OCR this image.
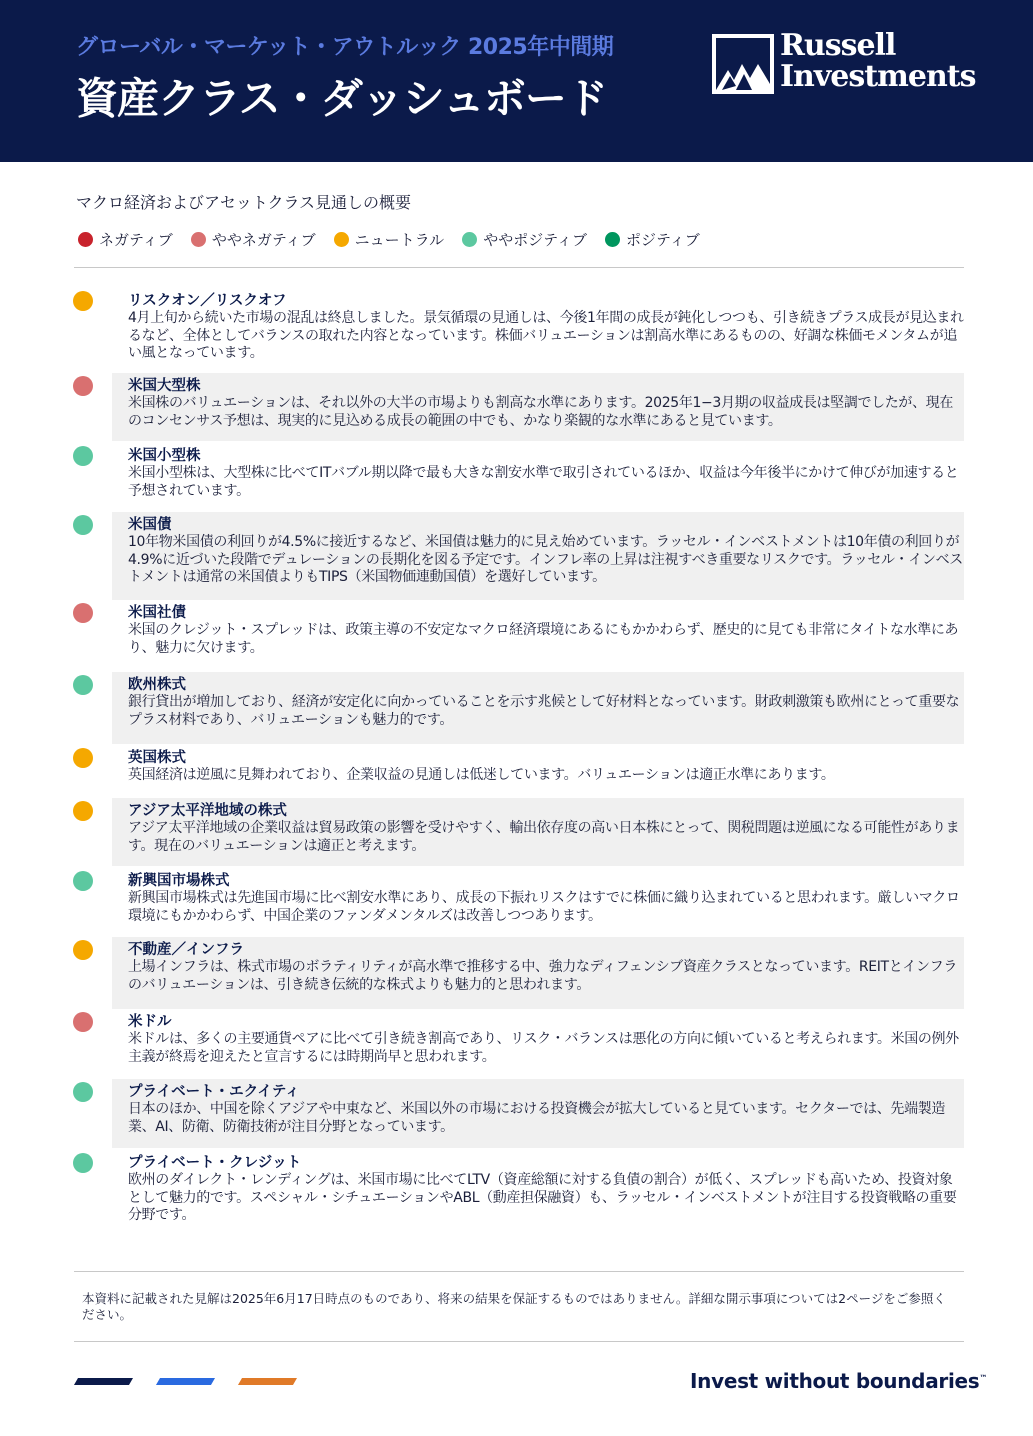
グローバル・マーケット・アウトルック 2025年中間期
資産クラス・ダッシュボード
Russell
Investments
マクロ経済およびアセットクラス見通しの概要
ネガティブ	ややネガティブ	ニュートラル	ややポジティブ	ポジティブ
リスクオン／リスクオフ
4月上旬から続いた市場の混乱は終息しました。景気循環の見通しは、今後1年間の成長が鈍化しつつも、引き続きプラス成長が見込まれるなど、全体としてバランスの取れた内容となっています。株価バリュエーションは割高水準にあるものの、好調な株価モメンタムが追い風となっています。
米国大型株
米国株のバリュエーションは、それ以外の大半の市場よりも割高な水準にあります。2025年1−3月期の収益成長は堅調でしたが、現在のコンセンサス予想は、現実的に見込める成長の範囲の中でも、かなり楽観的な水準にあると見ています。
米国小型株
米国小型株は、大型株に比べてITバブル期以降で最も大きな割安水準で取引されているほか、収益は今年後半にかけて伸びが加速すると予想されています。
米国債
10年物米国債の利回りが4.5%に接近するなど、米国債は魅力的に見え始めています。ラッセル・インベストメントは10年債の利回りが4.9%に近づいた段階でデュレーションの長期化を図る予定です。インフレ率の上昇は注視すべき重要なリスクです。ラッセル・インベストメントは通常の米国債よりもTIPS（米国物価連動国債）を選好しています。
米国社債
米国のクレジット・スプレッドは、政策主導の不安定なマクロ経済環境にあるにもかかわらず、歴史的に見ても非常にタイトな水準にあり、魅力に欠けます。
欧州株式
銀行貸出が増加しており、経済が安定化に向かっていることを示す兆候として好材料となっています。財政刺激策も欧州にとって重要なプラス材料であり、バリュエーションも魅力的です。
英国株式
英国経済は逆風に見舞われており、企業収益の見通しは低迷しています。バリュエーションは適正水準にあります。
アジア太平洋地域の株式
アジア太平洋地域の企業収益は貿易政策の影響を受けやすく、輸出依存度の高い日本株にとって、関税問題は逆風になる可能性があります。現在のバリュエーションは適正と考えます。
新興国市場株式
新興国市場株式は先進国市場に比べ割安水準にあり、成長の下振れリスクはすでに株価に織り込まれていると思われます。厳しいマクロ環境にもかかわらず、中国企業のファンダメンタルズは改善しつつあります。
不動産／インフラ
上場インフラは、株式市場のボラティリティが高水準で推移する中、強力なディフェンシブ資産クラスとなっています。REITとインフラのバリュエーションは、引き続き伝統的な株式よりも魅力的と思われます。
米ドル
米ドルは、多くの主要通貨ペアに比べて引き続き割高であり、リスク・バランスは悪化の方向に傾いていると考えられます。米国の例外主義が終焉を迎えたと宣言するには時期尚早と思われます。
プライベート・エクイティ
日本のほか、中国を除くアジアや中東など、米国以外の市場における投資機会が拡大していると見ています。セクターでは、先端製造業、AI、防衛、防衛技術が注目分野となっています。
プライベート・クレジット
欧州のダイレクト・レンディングは、米国市場に比べてLTV（資産総額に対する負債の割合）が低く、スプレッドも高いため、投資対象として魅力的です。スペシャル・シチュエーションやABL（動産担保融資）も、ラッセル・インベストメントが注目する投資戦略の重要分野です。
本資料に記載された見解は2025年6月17日時点のものであり、将来の結果を保証するものではありません。詳細な開示事項については2ページをご参照ください。
Invest without boundaries™
